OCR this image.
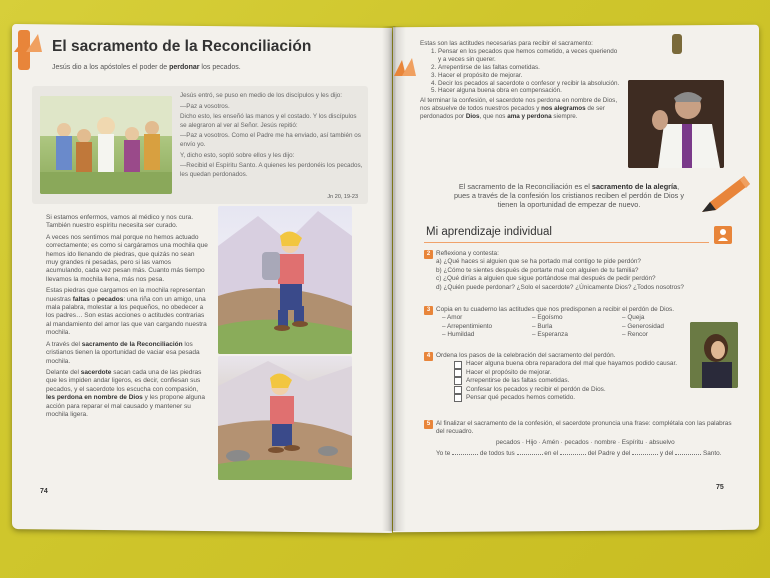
El sacramento de la Reconciliación
Jesús dio a los apóstoles el poder de perdonar los pecados.

Jesús entró, se puso en medio de los discípulos y les dijo:

—Paz a vosotros.

Dicho esto, les enseñó las manos y el costado. Y los discípulos se alegraron al ver al Señor. Jesús repitió:

—Paz a vosotros. Como el Padre me ha enviado, así también os envío yo.

Y, dicho esto, sopló sobre ellos y les dijo:

—Recibid el Espíritu Santo. A quienes les perdonéis los pecados, les quedan perdonados.

Jn 20, 19-23

Si estamos enfermos, vamos al médico y nos cura. También nuestro espíritu necesita ser curado.

A veces nos sentimos mal porque no hemos actuado correctamente; es como si cargáramos una mochila que hemos ido llenando de piedras, que quizás no sean muy grandes ni pesadas, pero si las vamos acumulando, cada vez pesan más. Cuanto más tiempo llevamos la mochila llena, más nos pesa.

Estas piedras que cargamos en la mochila representan nuestras faltas o pecados: una riña con un amigo, una mala palabra, molestar a los pequeños, no obedecer a los padres… Son estas acciones o actitudes contrarias al mandamiento del amor las que van cargando nuestra mochila.

A través del sacramento de la Reconciliación los cristianos tienen la oportunidad de vaciar esa pesada mochila.

Delante del sacerdote sacan cada una de las piedras que les impiden andar ligeros, es decir, confiesan sus pecados, y el sacerdote los escucha con compasión, les perdona en nombre de Dios y les propone alguna acción para reparar el mal causado y mantener su mochila ligera.

74
Estas son las actitudes necesarias para recibir el sacramento:
1. Pensar en los pecados que hemos cometido, a veces queriendo y a veces sin querer.
2. Arrepentirse de las faltas cometidas.
3. Hacer el propósito de mejorar.
4. Decir los pecados al sacerdote o confesor y recibir la absolución.
5. Hacer alguna buena obra en compensación.
Al terminar la confesión, el sacerdote nos perdona en nombre de Dios, nos absuelve de todos nuestros pecados y nos alegramos de ser perdonados por Dios, que nos ama y perdona siempre.
El sacramento de la Reconciliación es el sacramento de la alegría, pues a través de la confesión los cristianos reciben el perdón de Dios y tienen la oportunidad de empezar de nuevo.
Mi aprendizaje individual
2 Reflexiona y contesta:
a) ¿Qué haces si alguien que se ha portado mal contigo te pide perdón?
b) ¿Cómo te sientes después de portarte mal con alguien de tu familia?
c) ¿Qué dirías a alguien que sigue portándose mal después de pedir perdón?
d) ¿Quién puede perdonar? ¿Solo el sacerdote? ¿Únicamente Dios? ¿Todos nosotros?
3 Copia en tu cuaderno las actitudes que nos predisponen a recibir el perdón de Dios.
– Amor	– Egoísmo	– Queja
– Arrepentimiento	– Burla	– Generosidad
– Humildad	– Esperanza	– Rencor
4 Ordena los pasos de la celebración del sacramento del perdón.
Hacer alguna buena obra reparadora del mal que hayamos podido causar.
Hacer el propósito de mejorar.
Arrepentirse de las faltas cometidas.
Confesar los pecados y recibir el perdón de Dios.
Pensar qué pecados hemos cometido.
5 Al finalizar el sacramento de la confesión, el sacerdote pronuncia una frase: complétala con las palabras del recuadro.
pecados · Hijo · Amén · pecados · nombre · Espíritu · absuelvo
Yo te	de todos tus	en el	del Padre y del	y del	Santo.
75
